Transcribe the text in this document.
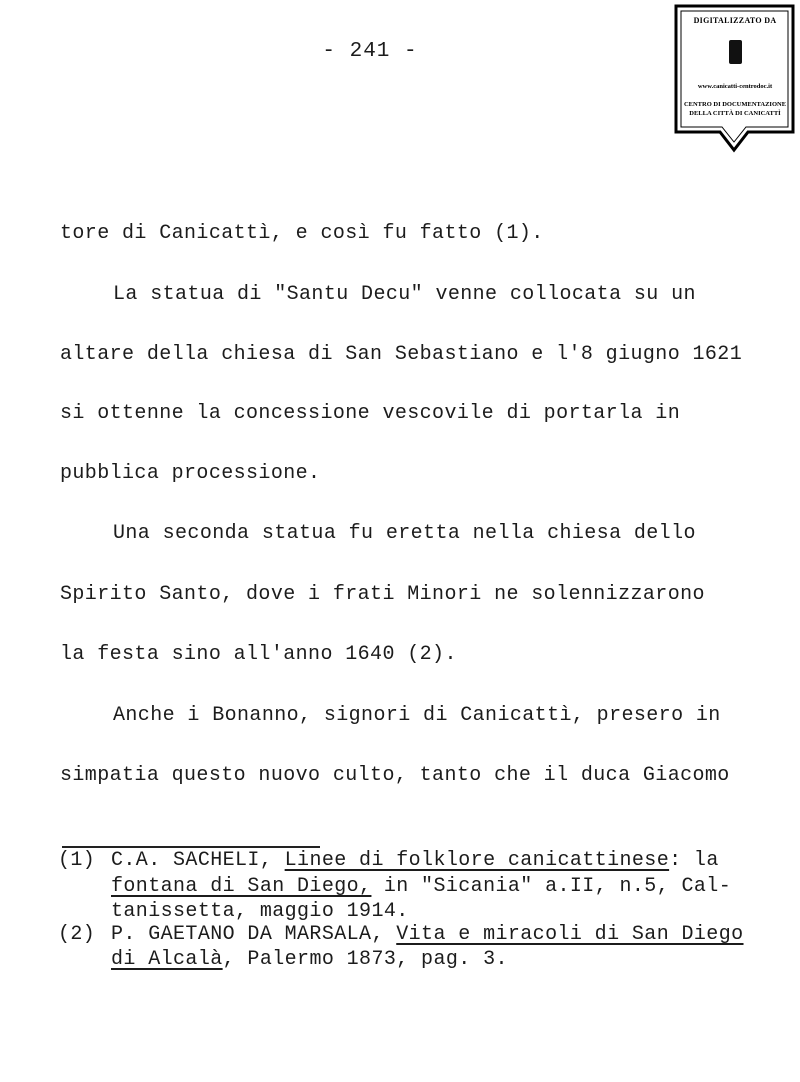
- 241 -
DIGITALIZZATO DA
www.canicatti-centrodoc.it
CENTRO DI DOCUMENTAZIONE
DELLA CITTÀ DI CANICATTÌ
tore di Canicattì, e così fu fatto (1).
La statua di "Santu Decu" venne collocata su un
altare della chiesa di San Sebastiano e l'8 giugno 1621
si ottenne la concessione vescovile di portarla in
pubblica processione.
Una seconda statua fu eretta nella chiesa dello
Spirito Santo, dove i frati Minori ne solennizzarono
la festa sino all'anno 1640 (2).
Anche i Bonanno, signori di Canicattì, presero in
simpatia questo nuovo culto, tanto che il duca Giacomo
(1) C.A. SACHELI, Linee di folklore canicattinese: la
fontana di San Diego, in "Sicania" a.II, n.5, Cal-
tanissetta, maggio 1914.
(2) P. GAETANO DA MARSALA, Vita e miracoli di San Diego
di Alcalà, Palermo 1873, pag. 3.
